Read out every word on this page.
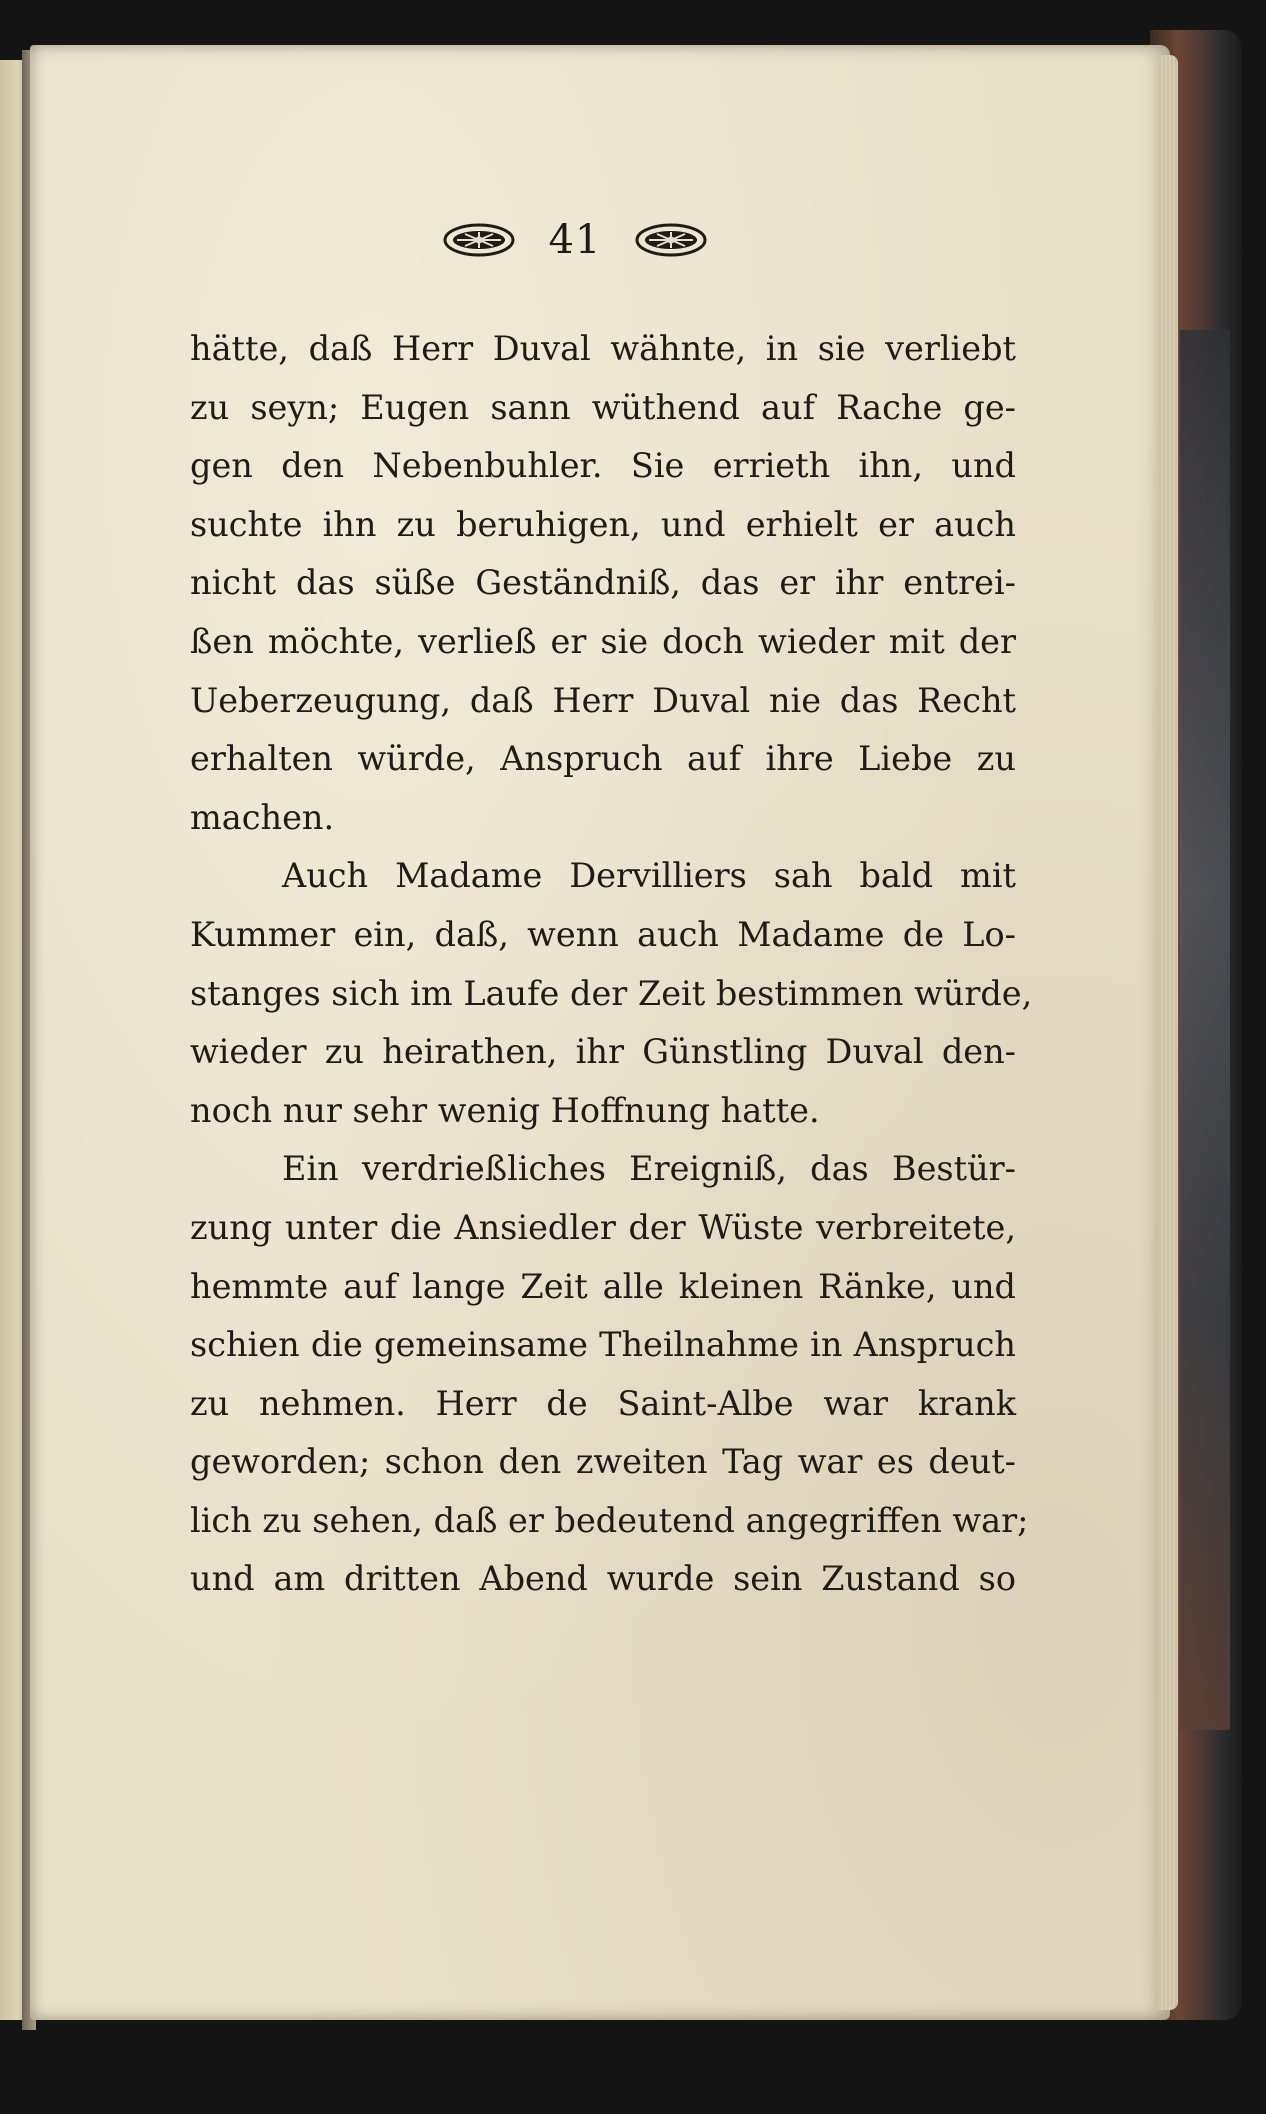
41
hätte, daß Herr Duval wähnte, in sie verliebt
zu seyn; Eugen sann wüthend auf Rache ge-
gen den Nebenbuhler. Sie errieth ihn, und
suchte ihn zu beruhigen, und erhielt er auch
nicht das süße Geständniß, das er ihr entrei-
ßen möchte, verließ er sie doch wieder mit der
Ueberzeugung, daß Herr Duval nie das Recht
erhalten würde, Anspruch auf ihre Liebe zu
machen.
Auch Madame Dervilliers sah bald mit
Kummer ein, daß, wenn auch Madame de Lo-
stanges sich im Laufe der Zeit bestimmen würde,
wieder zu heirathen, ihr Günstling Duval den-
noch nur sehr wenig Hoffnung hatte.
Ein verdrießliches Ereigniß, das Bestür-
zung unter die Ansiedler der Wüste verbreitete,
hemmte auf lange Zeit alle kleinen Ränke, und
schien die gemeinsame Theilnahme in Anspruch
zu nehmen. Herr de Saint-Albe war krank
geworden; schon den zweiten Tag war es deut-
lich zu sehen, daß er bedeutend angegriffen war;
und am dritten Abend wurde sein Zustand so
